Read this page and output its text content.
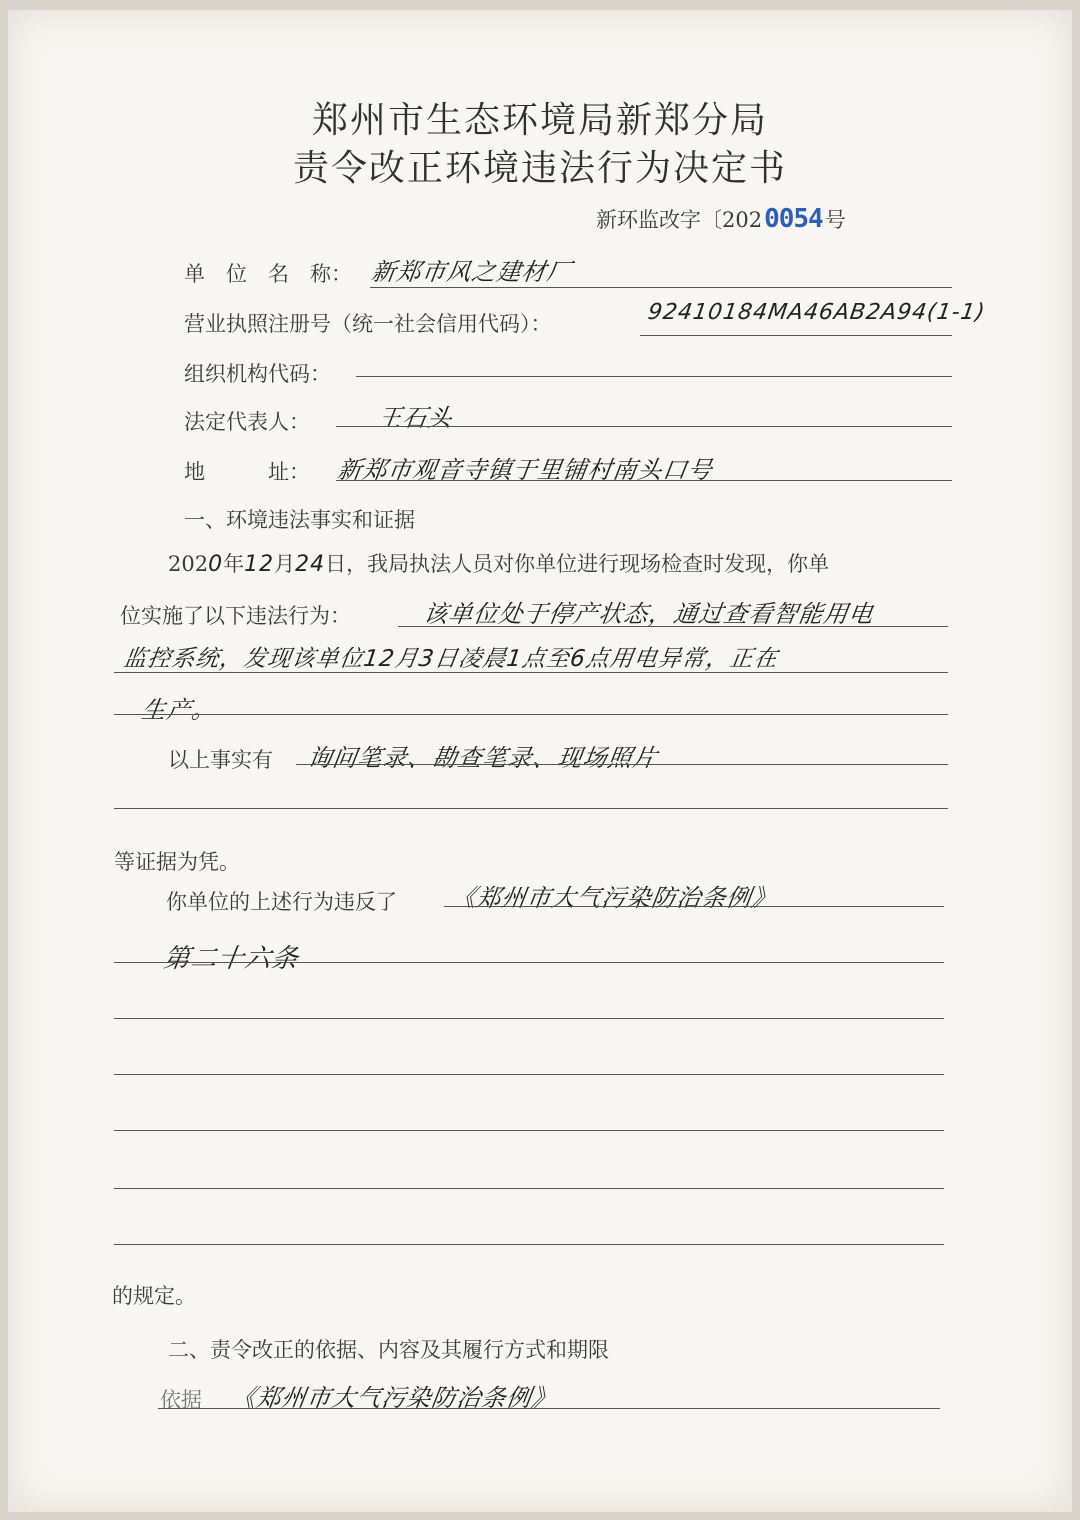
郑州市生态环境局新郑分局
责令改正环境违法行为决定书
新环监改字〔2020054号
单　位　名　称： 新郑市风之建材厂
营业执照注册号（统一社会信用代码）：	92410184MA46AB2A94(1-1)
组织机构代码：
法定代表人：	王石头
地　　　址： 新郑市观音寺镇于里铺村南头口号
一、环境违法事实和证据
2020年12月24日，我局执法人员对你单位进行现场检查时发现，你单
位实施了以下违法行为：	该单位处于停产状态，通过查看智能用电
监控系统，发现该单位12月3日凌晨1点至6点用电异常，正在
生产。
以上事实有 询问笔录、勘查笔录、现场照片
等证据为凭。
你单位的上述行为违反了 《郑州市大气污染防治条例》
第二十六条
的规定。
二、责令改正的依据、内容及其履行方式和期限
依据 《郑州市大气污染防治条例》
